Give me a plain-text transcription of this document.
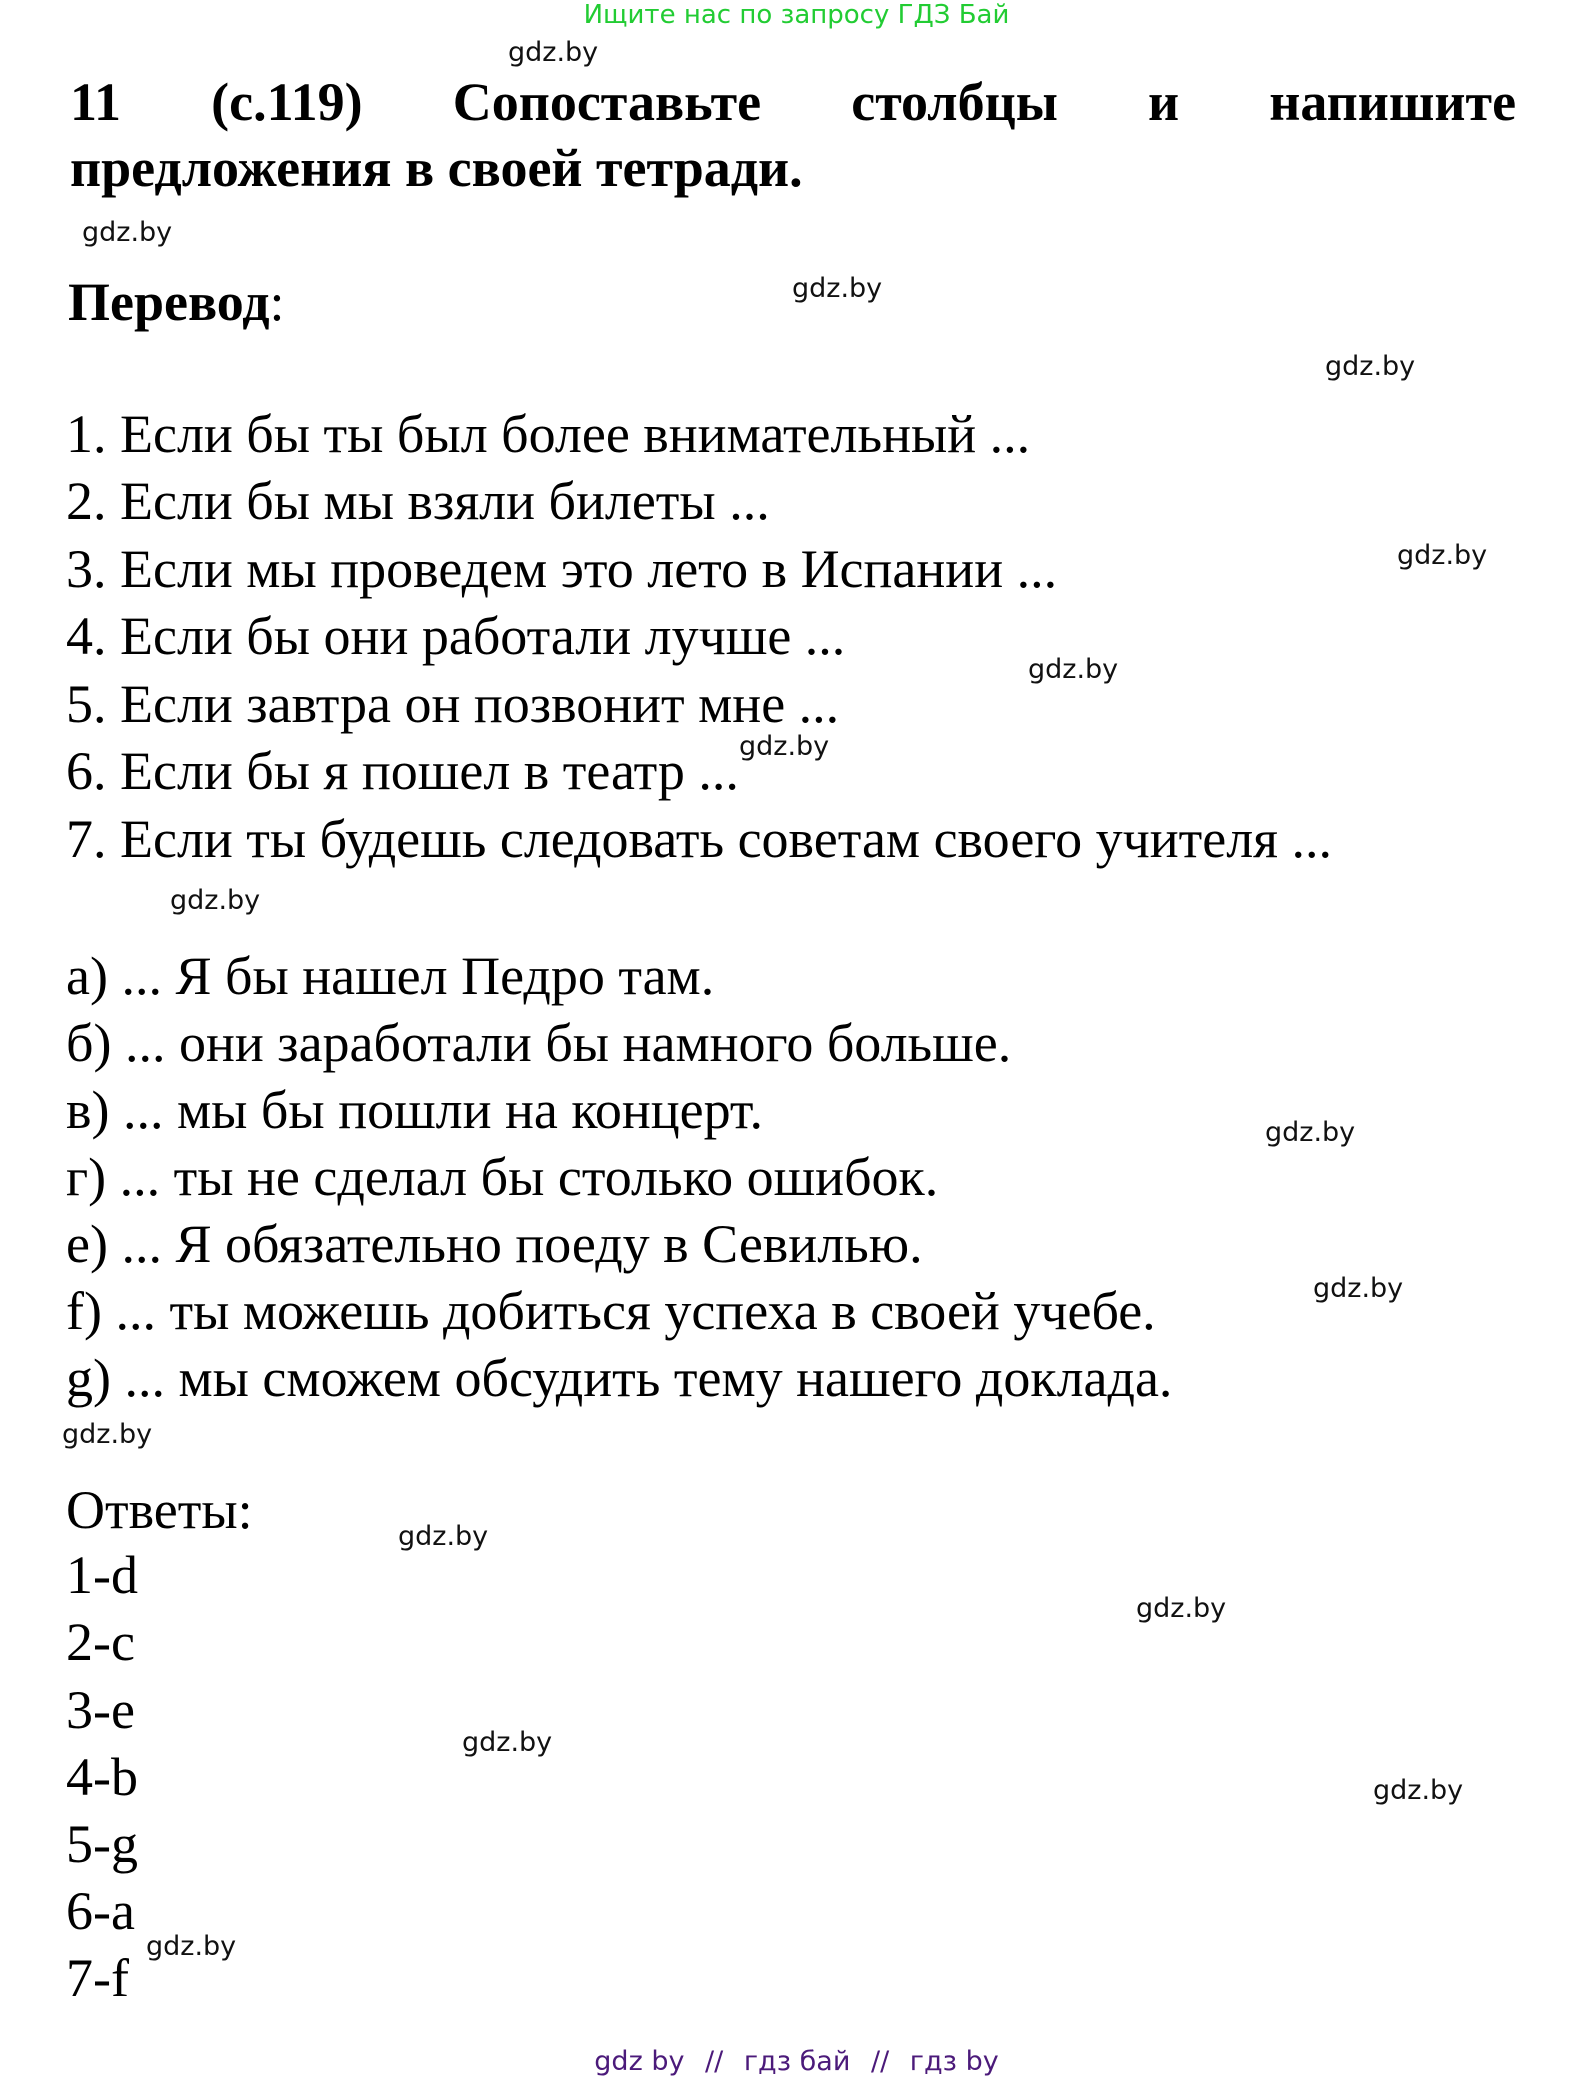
Ищите нас по запросу ГДЗ Бай
11 (с.119) Сопоставьте столбцы и напишите
предложения в своей тетради.
Перевод:
1. Если бы ты был более внимательный ...
2. Если бы мы взяли билеты ...
3. Если мы проведем это лето в Испании ...
4. Если бы они работали лучше ...
5. Если завтра он позвонит мне ...
6. Если бы я пошел в театр ...
7. Если ты будешь следовать советам своего учителя ...
а) ... Я бы нашел Педро там.
б) ... они заработали бы намного больше.
в) ... мы бы пошли на концерт.
г) ... ты не сделал бы столько ошибок.
е) ... Я обязательно поеду в Севилью.
f) ... ты можешь добиться успеха в своей учебе.
g) ... мы сможем обсудить тему нашего доклада.
Ответы:
1-d
2-c
3-e
4-b
5-g
6-a
7-f
gdz.by
gdz.by
gdz.by
gdz.by
gdz.by
gdz.by
gdz.by
gdz.by
gdz.by
gdz.by
gdz.by
gdz.by
gdz.by
gdz.by
gdz.by
gdz.by
gdz by // гдз бай // гдз by
